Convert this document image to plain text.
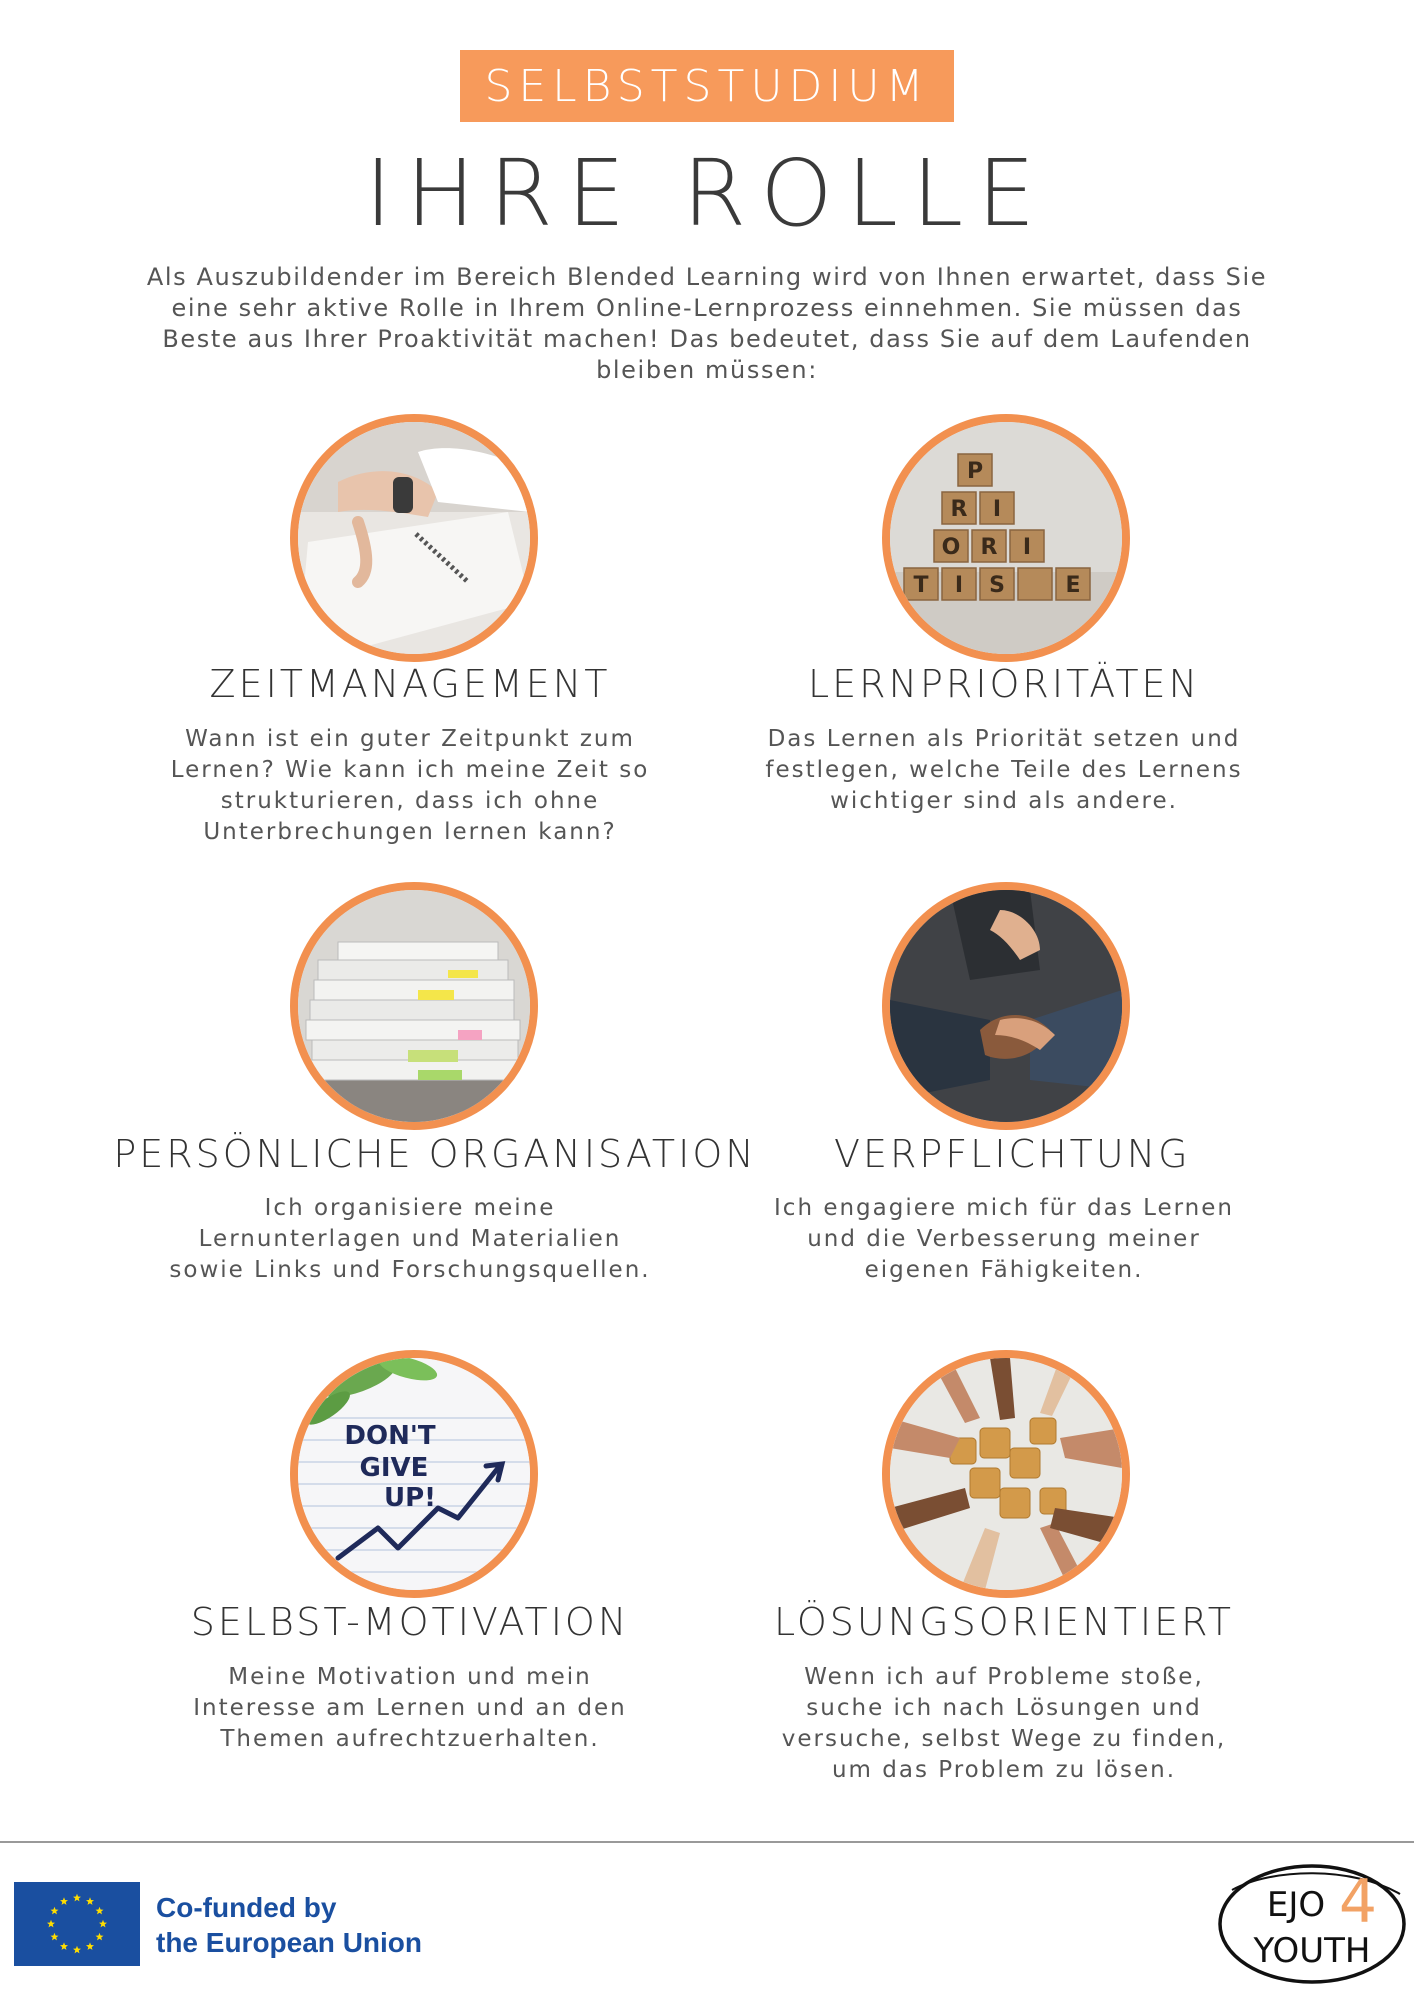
SELBSTSTUDIUM
IHRE ROLLE
Als Auszubildender im Bereich Blended Learning wird von Ihnen erwartet, dass Sie eine sehr aktive Rolle in Ihrem Online-Lernprozess einnehmen. Sie müssen das Beste aus Ihrer Proaktivität machen! Das bedeutet, dass Sie auf dem Laufenden bleiben müssen:
ZEITMANAGEMENT
Wann ist ein guter Zeitpunkt zum
Lernen? Wie kann ich meine Zeit so
strukturieren, dass ich ohne
Unterbrechungen lernen kann?
P
R I
O R I
T I S	E
LERNPRIORITÄTEN
Das Lernen als Priorität setzen und
festlegen, welche Teile des Lernens
wichtiger sind als andere.
PERSÖNLICHE ORGANISATION
Ich organisiere meine
Lernunterlagen und Materialien
sowie Links und Forschungsquellen.
VERPFLICHTUNG
Ich engagiere mich für das Lernen
und die Verbesserung meiner
eigenen Fähigkeiten.
DON'T
GIVE
UP!
SELBST-MOTIVATION
Meine Motivation und mein
Interesse am Lernen und an den
Themen aufrechtzuerhalten.
LÖSUNGSORIENTIERT
Wenn ich auf Probleme stoße,
suche ich nach Lösungen und
versuche, selbst Wege zu finden,
um das Problem zu lösen.
Co-funded by
the European Union
EJO
YOUTH
4
